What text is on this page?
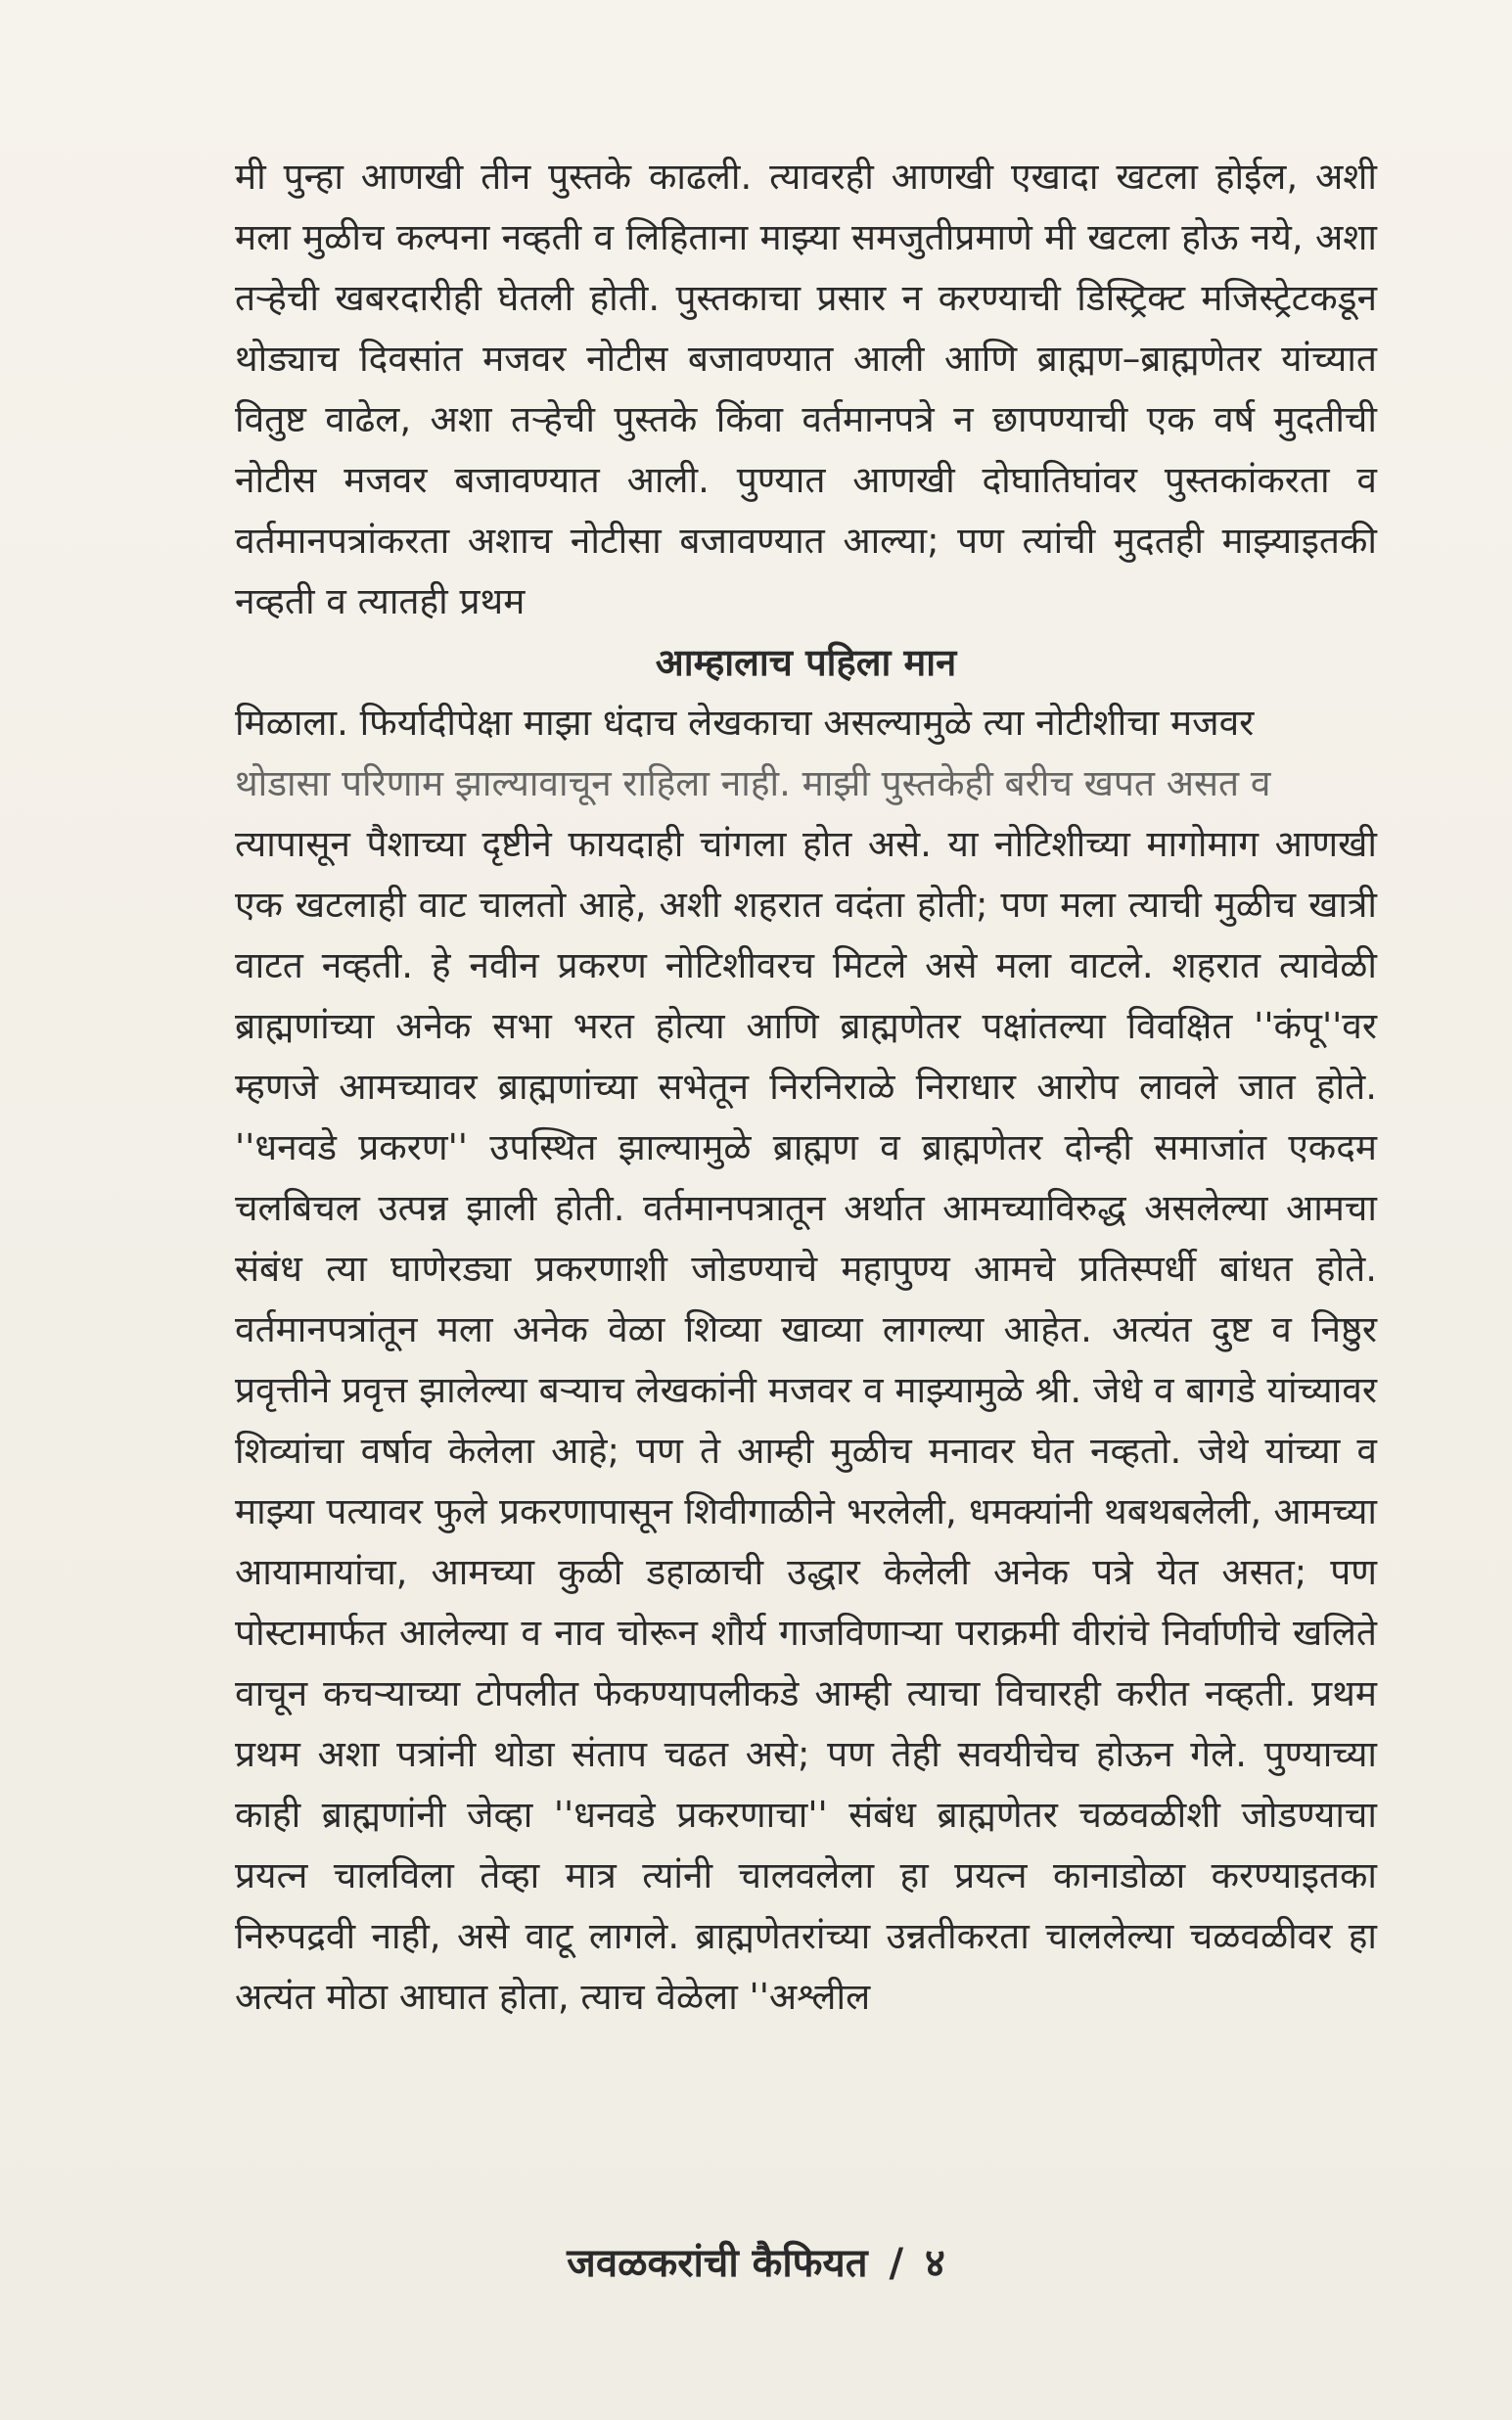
मी पुन्हा आणखी तीन पुस्तके काढली. त्यावरही आणखी एखादा खटला होईल, अशी मला मुळीच कल्पना नव्हती व लिहिताना माझ्या समजुतीप्रमाणे मी खटला होऊ नये, अशा तऱ्हेची खबरदारीही घेतली होती. पुस्तकाचा प्रसार न करण्याची डिस्ट्रिक्ट मजिस्ट्रेटकडून थोड्याच दिवसांत मजवर नोटीस बजावण्यात आली आणि ब्राह्मण–ब्राह्मणेतर यांच्यात वितुष्ट वाढेल, अशा तऱ्हेची पुस्तके किंवा वर्तमानपत्रे न छापण्याची एक वर्ष मुदतीची नोटीस मजवर बजावण्यात आली. पुण्यात आणखी दोघातिघांवर पुस्तकांकरता व वर्तमानपत्रांकरता अशाच नोटीसा बजावण्यात आल्या; पण त्यांची मुदतही माझ्याइतकी नव्हती व त्यातही प्रथम

आम्हालाच पहिला मान

मिळाला. फिर्यादीपेक्षा माझा धंदाच लेखकाचा असल्यामुळे त्या नोटीशीचा मजवर

थोडासा परिणाम झाल्यावाचून राहिला नाही. माझी पुस्तकेही बरीच खपत असत व

त्यापासून पैशाच्या दृष्टीने फायदाही चांगला होत असे. या नोटिशीच्या मागोमाग आणखी एक खटलाही वाट चालतो आहे, अशी शहरात वदंता होती; पण मला त्याची मुळीच खात्री वाटत नव्हती. हे नवीन प्रकरण नोटिशीवरच मिटले असे मला वाटले. शहरात त्यावेळी ब्राह्मणांच्या अनेक सभा भरत होत्या आणि ब्राह्मणेतर पक्षांतल्या विवक्षित ''कंपू''वर म्हणजे आमच्यावर ब्राह्मणांच्या सभेतून निरनिराळे निराधार आरोप लावले जात होते. ''धनवडे प्रकरण'' उपस्थित झाल्यामुळे ब्राह्मण व ब्राह्मणेतर दोन्ही समाजांत एकदम चलबिचल उत्पन्न झाली होती. वर्तमानपत्रातून अर्थात आमच्याविरुद्ध असलेल्या आमचा संबंध त्या घाणेरड्या प्रकरणाशी जोडण्याचे महापुण्य आमचे प्रतिस्पर्धी बांधत होते. वर्तमानपत्रांतून मला अनेक वेळा शिव्या खाव्या लागल्या आहेत. अत्यंत दुष्ट व निष्ठुर प्रवृत्तीने प्रवृत्त झालेल्या बऱ्याच लेखकांनी मजवर व माझ्यामुळे श्री. जेधे व बागडे यांच्यावर शिव्यांचा वर्षाव केलेला आहे; पण ते आम्ही मुळीच मनावर घेत नव्हतो. जेथे यांच्या व माझ्या पत्यावर फुले प्रकरणापासून शिवीगाळीने भरलेली, धमक्यांनी थबथबलेली, आमच्या आयामायांचा, आमच्या कुळी डहाळाची उद्धार केलेली अनेक पत्रे येत असत; पण पोस्टामार्फत आलेल्या व नाव चोरून शौर्य गाजविणाऱ्या पराक्रमी वीरांचे निर्वाणीचे खलिते वाचून कचऱ्याच्या टोपलीत फेकण्यापलीकडे आम्ही त्याचा विचारही करीत नव्हती. प्रथम प्रथम अशा पत्रांनी थोडा संताप चढत असे; पण तेही सवयीचेच होऊन गेले. पुण्याच्या काही ब्राह्मणांनी जेव्हा ''धनवडे प्रकरणाचा'' संबंध ब्राह्मणेतर चळवळीशी जोडण्याचा प्रयत्न चालविला तेव्हा मात्र त्यांनी चालवलेला हा प्रयत्न कानाडोळा करण्याइतका निरुपद्रवी नाही, असे वाटू लागले. ब्राह्मणेतरांच्या उन्नतीकरता चाललेल्या चळवळीवर हा अत्यंत मोठा आघात होता, त्याच वेळेला ''अश्लील

जवळकरांची कैफियत / ४
